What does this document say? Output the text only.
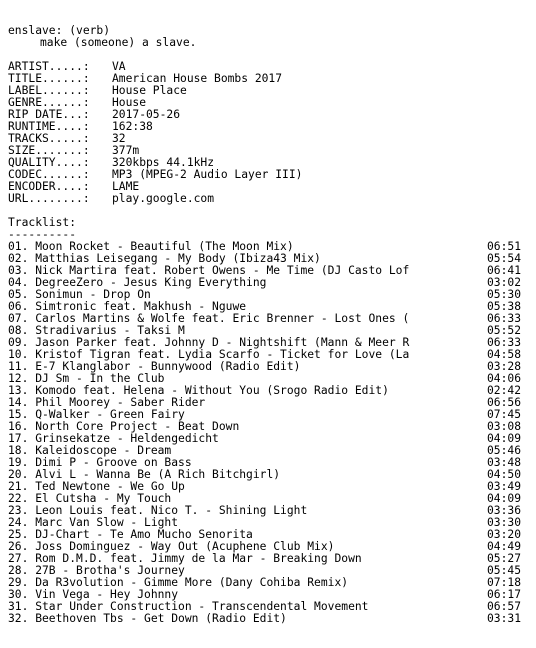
enslave: (verb)
make (someone) a slave.
ARTIST.....: VA
TITLE......: American House Bombs 2017
LABEL......: House Place
GENRE......: House
RIP DATE...: 2017-05-26
RUNTIME....: 162:38
TRACKS.....: 32
SIZE.......: 377m
QUALITY....: 320kbps 44.1kHz
CODEC......: MP3 (MPEG-2 Audio Layer III)
ENCODER....: LAME
URL........: play.google.com
Tracklist:
----------
01. Moon Rocket - Beautiful (The Moon Mix)	06:51
02. Matthias Leisegang - My Body (Ibiza43 Mix)	05:54
03. Nick Martira feat. Robert Owens - Me Time (DJ Casto Lof	06:41
04. DegreeZero - Jesus King Everything	03:02
05. Sonimun - Drop On	05:30
06. Simtronic feat. Makhush - Nguwe	05:38
07. Carlos Martins & Wolfe feat. Eric Brenner - Lost Ones (	06:33
08. Stradivarius - Taksi M	05:52
09. Jason Parker feat. Johnny D - Nightshift (Mann & Meer R	06:33
10. Kristof Tigran feat. Lydia Scarfo - Ticket for Love (La	04:58
11. E-7 Klanglabor - Bunnywood (Radio Edit)	03:28
12. DJ Sm - In the Club	04:06
13. Komodo feat. Helena - Without You (Srogo Radio Edit)	02:42
14. Phil Moorey - Saber Rider	06:56
15. Q-Walker - Green Fairy	07:45
16. North Core Project - Beat Down	03:08
17. Grinsekatze - Heldengedicht	04:09
18. Kaleidoscope - Dream	05:46
19. Dimi P - Groove on Bass	03:48
20. Alvi L - Wanna Be (A Rich Bitchgirl)	04:50
21. Ted Newtone - We Go Up	03:49
22. El Cutsha - My Touch	04:09
23. Leon Louis feat. Nico T. - Shining Light	03:36
24. Marc Van Slow - Light	03:30
25. DJ-Chart - Te Amo Mucho Senorita	03:20
26. Joss Dominguez - Way Out (Acuphene Club Mix)	04:49
27. Rom D.M.D. feat. Jimmy de la Mar - Breaking Down	05:27
28. 27B - Brotha's Journey	05:45
29. Da R3volution - Gimme More (Dany Cohiba Remix)	07:18
30. Vin Vega - Hey Johnny	06:17
31. Star Under Construction - Transcendental Movement	06:57
32. Beethoven Tbs - Get Down (Radio Edit)	03:31
